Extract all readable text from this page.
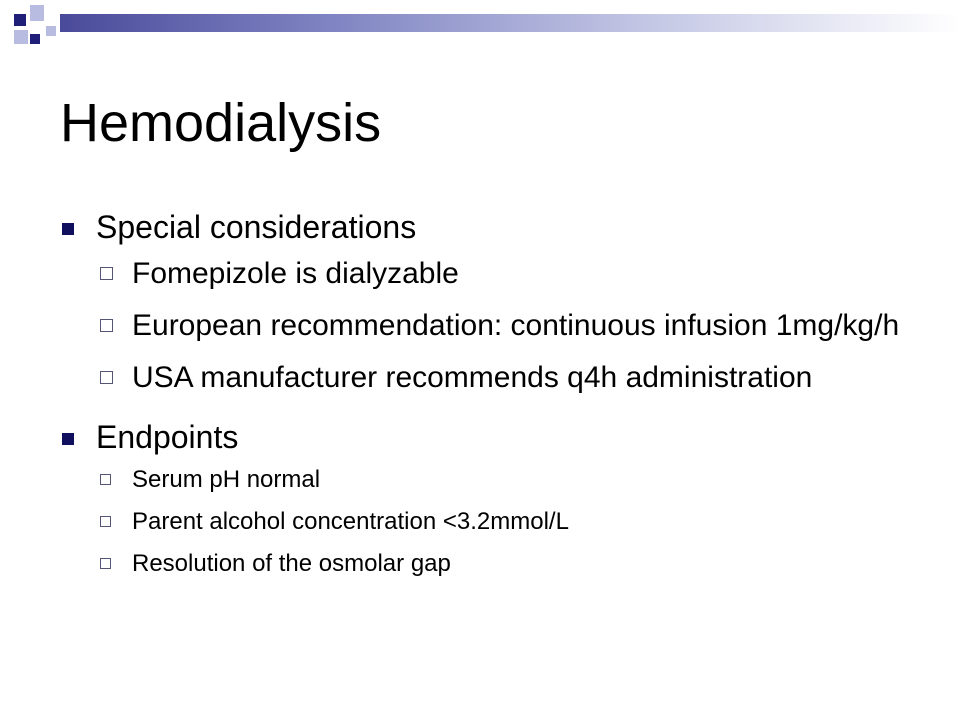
Hemodialysis
Special considerations
Fomepizole is dialyzable
European recommendation: continuous infusion 1mg/kg/h
USA manufacturer recommends q4h administration
Endpoints
Serum pH normal
Parent alcohol concentration <3.2mmol/L
Resolution of the osmolar gap
